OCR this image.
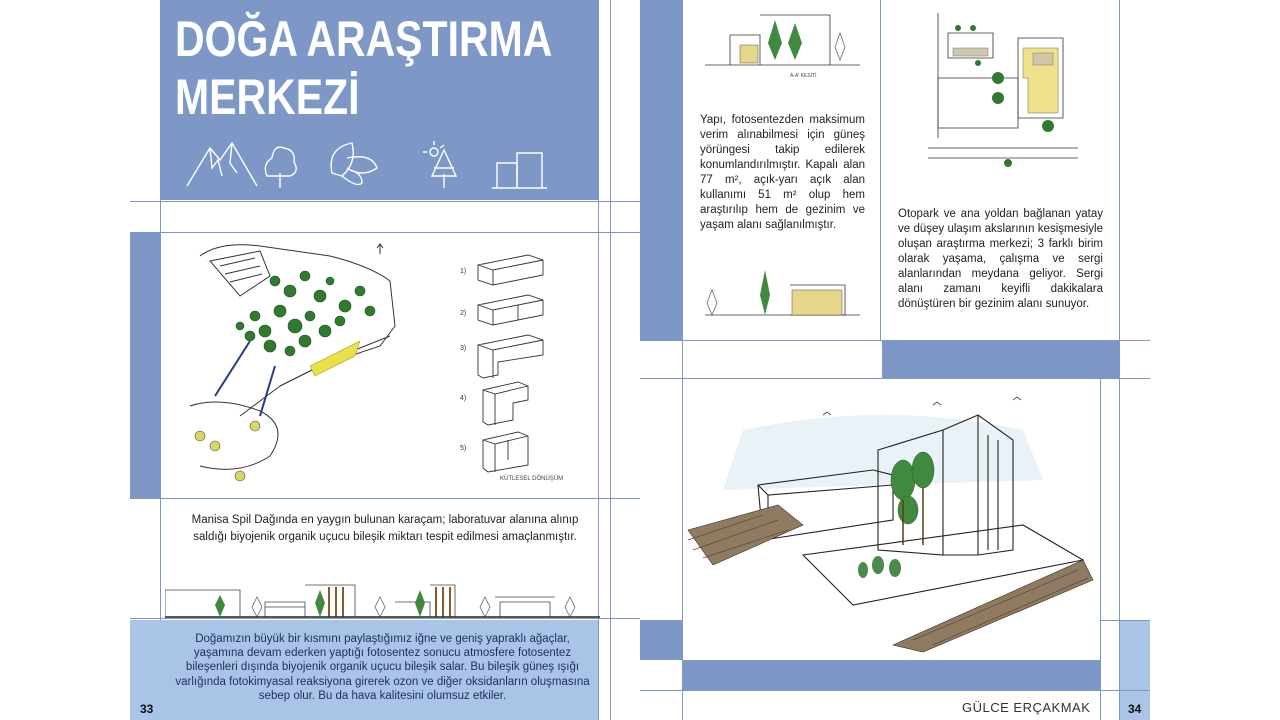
DOĞA ARAŞTIRMA
MERKEZİ
1)
2)
3)
4)
5)
KÜTLESEL DÖNÜŞÜM
Manisa Spil Dağında en yaygın bulunan karaçam; laboratuvar alanına alınıp saldığı biyojenik organik uçucu bileşik miktarı tespit edilmesi amaçlanmıştır.
Doğamızın büyük bir kısmını paylaştığımız iğne ve geniş yapraklı ağaçlar, yaşamına devam ederken yaptığı fotosentez sonucu atmosfere fotosentez bileşenleri dışında biyojenik organik uçucu bileşik salar. Bu bileşik güneş ışığı varlığında fotokimyasal reaksiyona girerek ozon ve diğer oksidanların oluşmasına sebep olur. Bu da hava kalitesini olumsuz etkiler.
33	34
A-A' KESİTİ
Yapı, fotosentezden maksimum verim alınabilmesi için güneş yörüngesi takip edilerek konumlandırılmıştır. Kapalı alan 77 m², açık-yarı açık alan kullanımı 51 m² olup hem araştırılıp hem de gezinim ve yaşam alanı sağlanılmıştır.
Otopark ve ana yoldan bağlanan yatay ve düşey ulaşım akslarının kesişmesiyle oluşan araştırma merkezi; 3 farklı birim olarak yaşama, çalışma ve sergi alanlarından meydana geliyor. Sergi alanı zamanı keyifli dakikalara dönüştüren bir gezinim alanı sunuyor.
GÜLCE ERÇAKMAK
